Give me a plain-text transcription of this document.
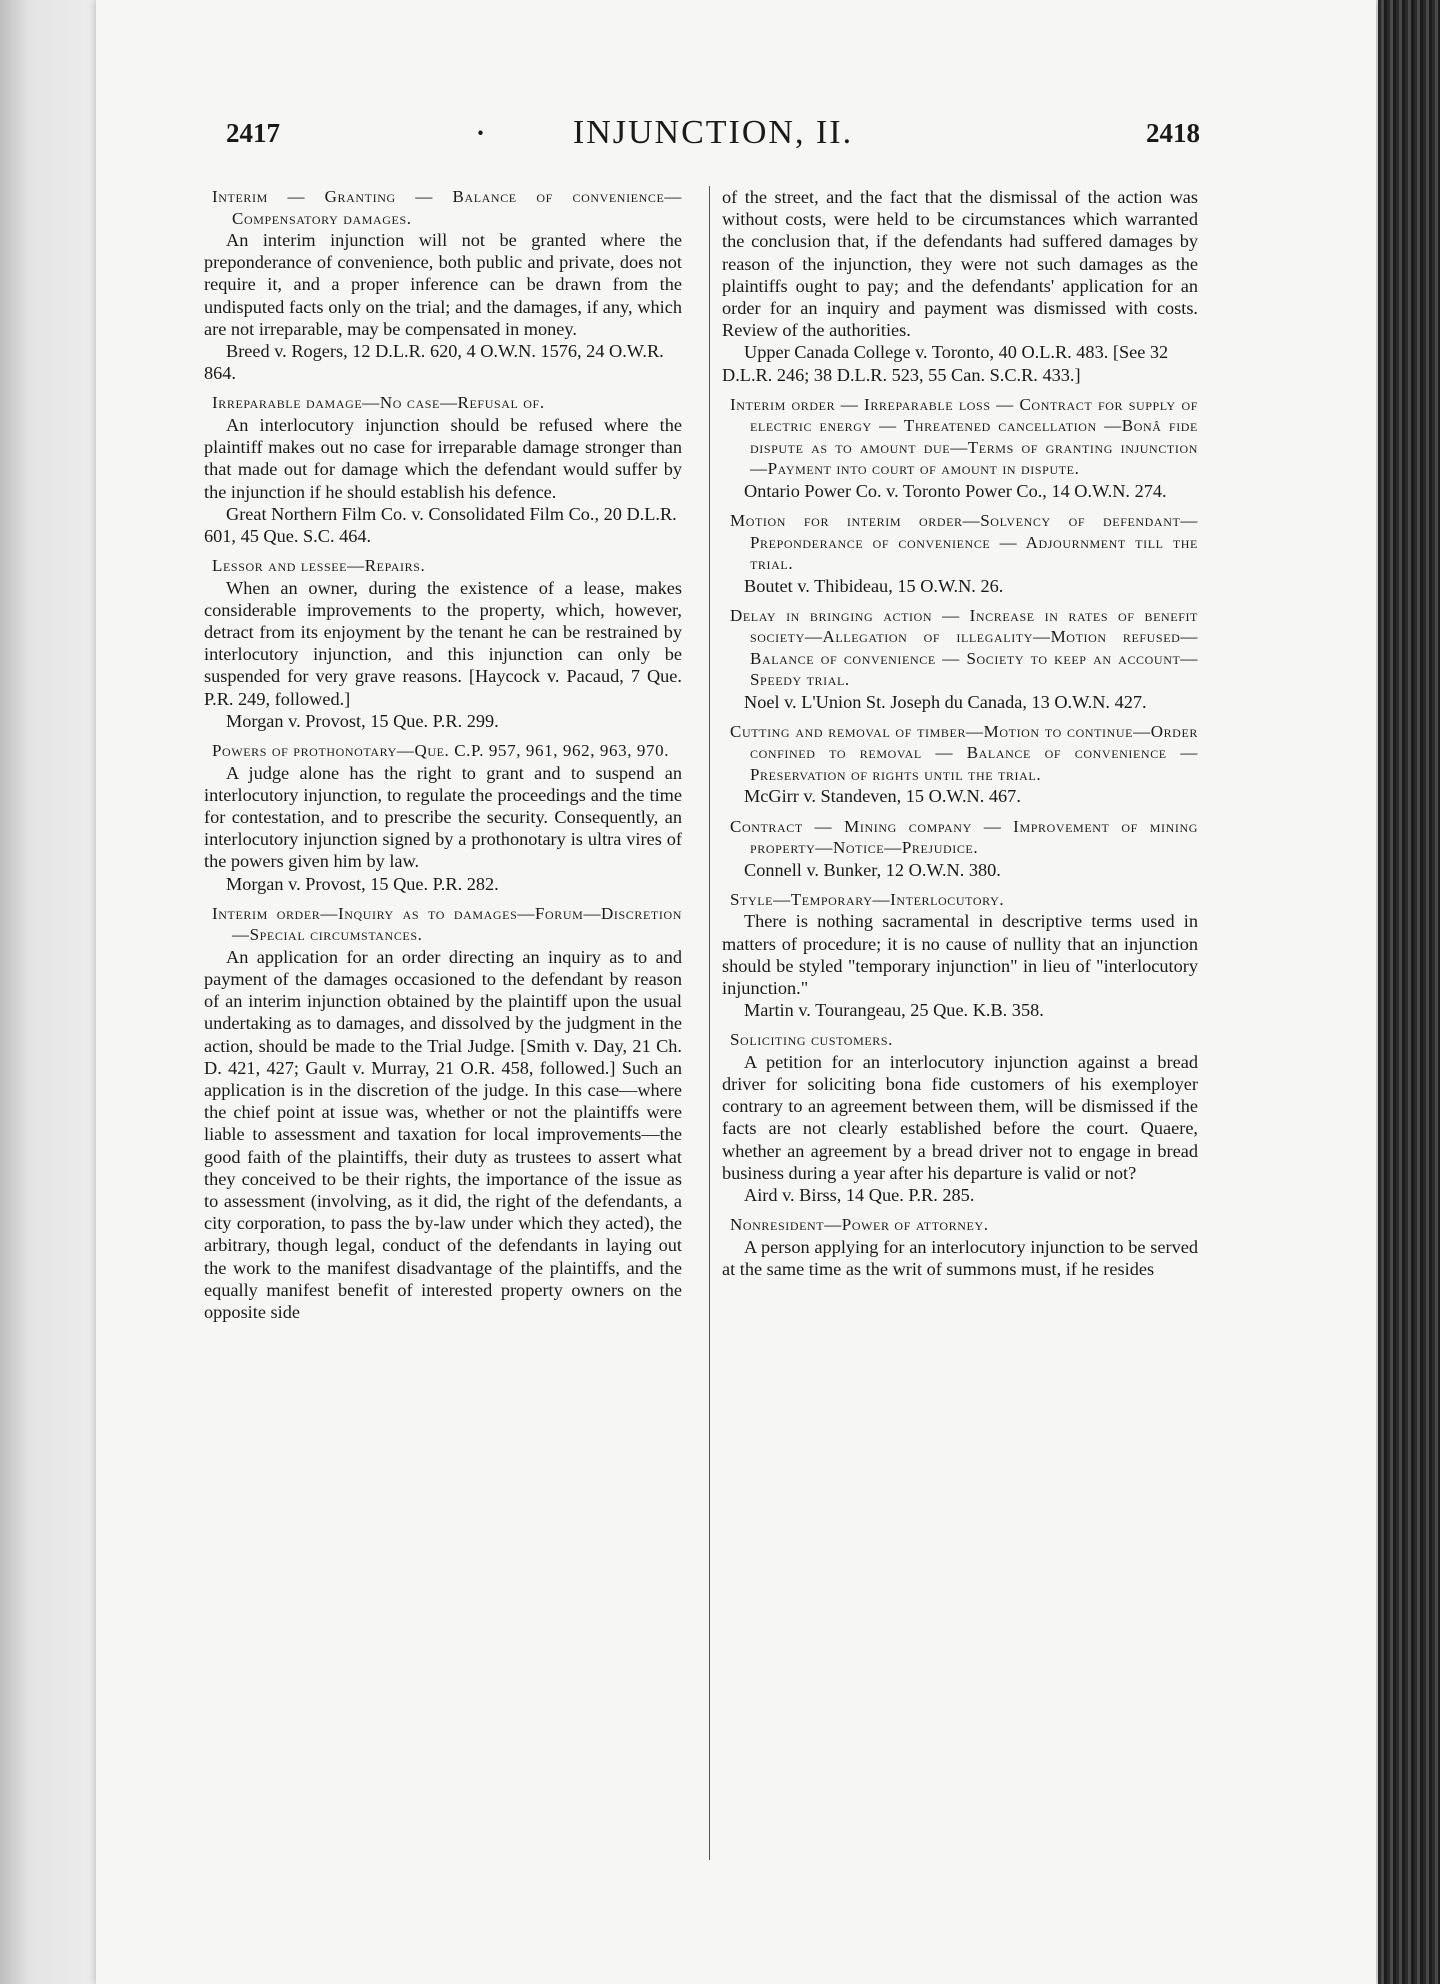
2417	·	INJUNCTION, II.	2418

Interim — Granting — Balance of convenience—Compensatory damages.

An interim injunction will not be granted where the preponderance of convenience, both public and private, does not require it, and a proper inference can be drawn from the undisputed facts only on the trial; and the damages, if any, which are not irreparable, may be compensated in money.

Breed v. Rogers, 12 D.L.R. 620, 4 O.W.N. 1576, 24 O.W.R. 864.

Irreparable damage—No case—Refusal of.

An interlocutory injunction should be refused where the plaintiff makes out no case for irreparable damage stronger than that made out for damage which the defendant would suffer by the injunction if he should establish his defence.

Great Northern Film Co. v. Consolidated Film Co., 20 D.L.R. 601, 45 Que. S.C. 464.

Lessor and lessee—Repairs.

When an owner, during the existence of a lease, makes considerable improvements to the property, which, however, detract from its enjoyment by the tenant he can be restrained by interlocutory injunction, and this injunction can only be suspended for very grave reasons. [Haycock v. Pacaud, 7 Que. P.R. 249, followed.]

Morgan v. Provost, 15 Que. P.R. 299.

Powers of prothonotary—Que. C.P. 957, 961, 962, 963, 970.

A judge alone has the right to grant and to suspend an interlocutory injunction, to regulate the proceedings and the time for contestation, and to prescribe the security. Consequently, an interlocutory injunction signed by a prothonotary is ultra vires of the powers given him by law.

Morgan v. Provost, 15 Que. P.R. 282.

Interim order—Inquiry as to damages—Forum—Discretion—Special circumstances.

An application for an order directing an inquiry as to and payment of the damages occasioned to the defendant by reason of an interim injunction obtained by the plaintiff upon the usual undertaking as to damages, and dissolved by the judgment in the action, should be made to the Trial Judge. [Smith v. Day, 21 Ch. D. 421, 427; Gault v. Murray, 21 O.R. 458, followed.] Such an application is in the discretion of the judge. In this case—where the chief point at issue was, whether or not the plaintiffs were liable to assessment and taxation for local improvements—the good faith of the plaintiffs, their duty as trustees to assert what they conceived to be their rights, the importance of the issue as to assessment (involving, as it did, the right of the defendants, a city corporation, to pass the by-law under which they acted), the arbitrary, though legal, conduct of the defendants in laying out the work to the manifest disadvantage of the plaintiffs, and the equally manifest benefit of interested property owners on the opposite side

of the street, and the fact that the dismissal of the action was without costs, were held to be circumstances which warranted the conclusion that, if the defendants had suffered damages by reason of the injunction, they were not such damages as the plaintiffs ought to pay; and the defendants' application for an order for an inquiry and payment was dismissed with costs. Review of the authorities.

Upper Canada College v. Toronto, 40 O.L.R. 483. [See 32 D.L.R. 246; 38 D.L.R. 523, 55 Can. S.C.R. 433.]

Interim order — Irreparable loss — Contract for supply of electric energy — Threatened cancellation —Bonâ fide dispute as to amount due—Terms of granting injunction —Payment into court of amount in dispute.

Ontario Power Co. v. Toronto Power Co., 14 O.W.N. 274.

Motion for interim order—Solvency of defendant—Preponderance of convenience — Adjournment till the trial.

Boutet v. Thibideau, 15 O.W.N. 26.

Delay in bringing action — Increase in rates of benefit society—Allegation of illegality—Motion refused—Balance of convenience — Society to keep an account—Speedy trial.

Noel v. L'Union St. Joseph du Canada, 13 O.W.N. 427.

Cutting and removal of timber—Motion to continue—Order confined to removal — Balance of convenience — Preservation of rights until the trial.

McGirr v. Standeven, 15 O.W.N. 467.

Contract — Mining company — Improvement of mining property—Notice—Prejudice.

Connell v. Bunker, 12 O.W.N. 380.

Style—Temporary—Interlocutory.

There is nothing sacramental in descriptive terms used in matters of procedure; it is no cause of nullity that an injunction should be styled "temporary injunction" in lieu of "interlocutory injunction."

Martin v. Tourangeau, 25 Que. K.B. 358.

Soliciting customers.

A petition for an interlocutory injunction against a bread driver for soliciting bona fide customers of his exemployer contrary to an agreement between them, will be dismissed if the facts are not clearly established before the court. Quaere, whether an agreement by a bread driver not to engage in bread business during a year after his departure is valid or not?

Aird v. Birss, 14 Que. P.R. 285.

Nonresident—Power of attorney.

A person applying for an interlocutory injunction to be served at the same time as the writ of summons must, if he resides
